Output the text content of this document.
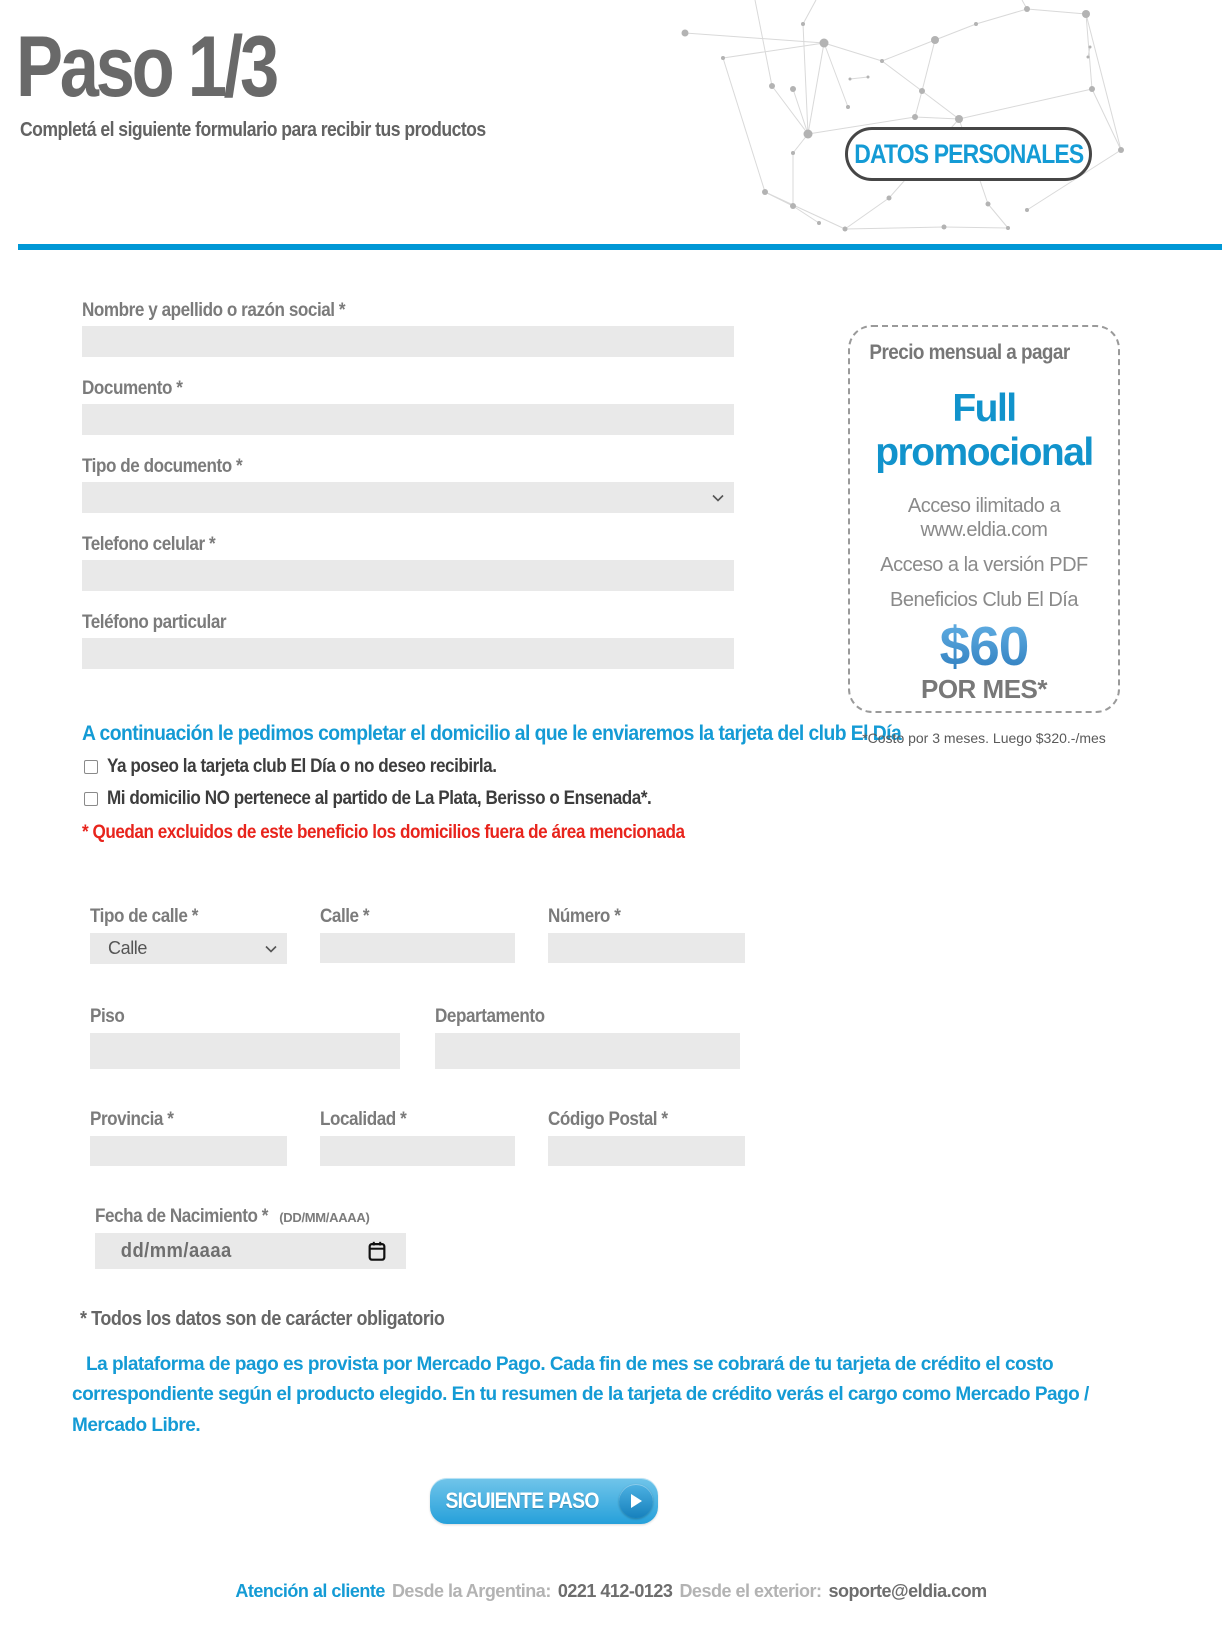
Paso 1/3
Completá el siguiente formulario para recibir tus productos
DATOS PERSONALES
Nombre y apellido o razón social *
Documento *
Tipo de documento *
Telefono celular *
Teléfono particular
A continuación le pedimos completar el domicilio al que le enviaremos la tarjeta del club El Día
Ya poseo la tarjeta club El Día o no deseo recibirla.
Mi domicilio NO pertenece al partido de La Plata, Berisso o Ensenada*.
* Quedan excluidos de este beneficio los domicilios fuera de área mencionada
Tipo de calle *
Calle
Calle *	Número *
Piso	Departamento
Provincia *	Localidad *	Código Postal *
Fecha de Nacimiento * (DD/MM/AAAA)
dd/mm/aaaa
* Todos los datos son de carácter obligatorio
Precio mensual a pagar
Full promocional
Acceso ilimitado a www.eldia.com
Acceso a la versión PDF
Beneficios Club El Día
$60
POR MES*
*Costo por 3 meses. Luego $320.-/mes

La plataforma de pago es provista por Mercado Pago. Cada fin de mes se cobrará de tu tarjeta de crédito el costo correspondiente según el producto elegido. En tu resumen de la tarjeta de crédito verás el cargo como Mercado Pago / Mercado Libre.

SIGUIENTE PASO
Atención al cliente Desde la Argentina: 0221 412-0123 Desde el exterior: soporte@eldia.com
